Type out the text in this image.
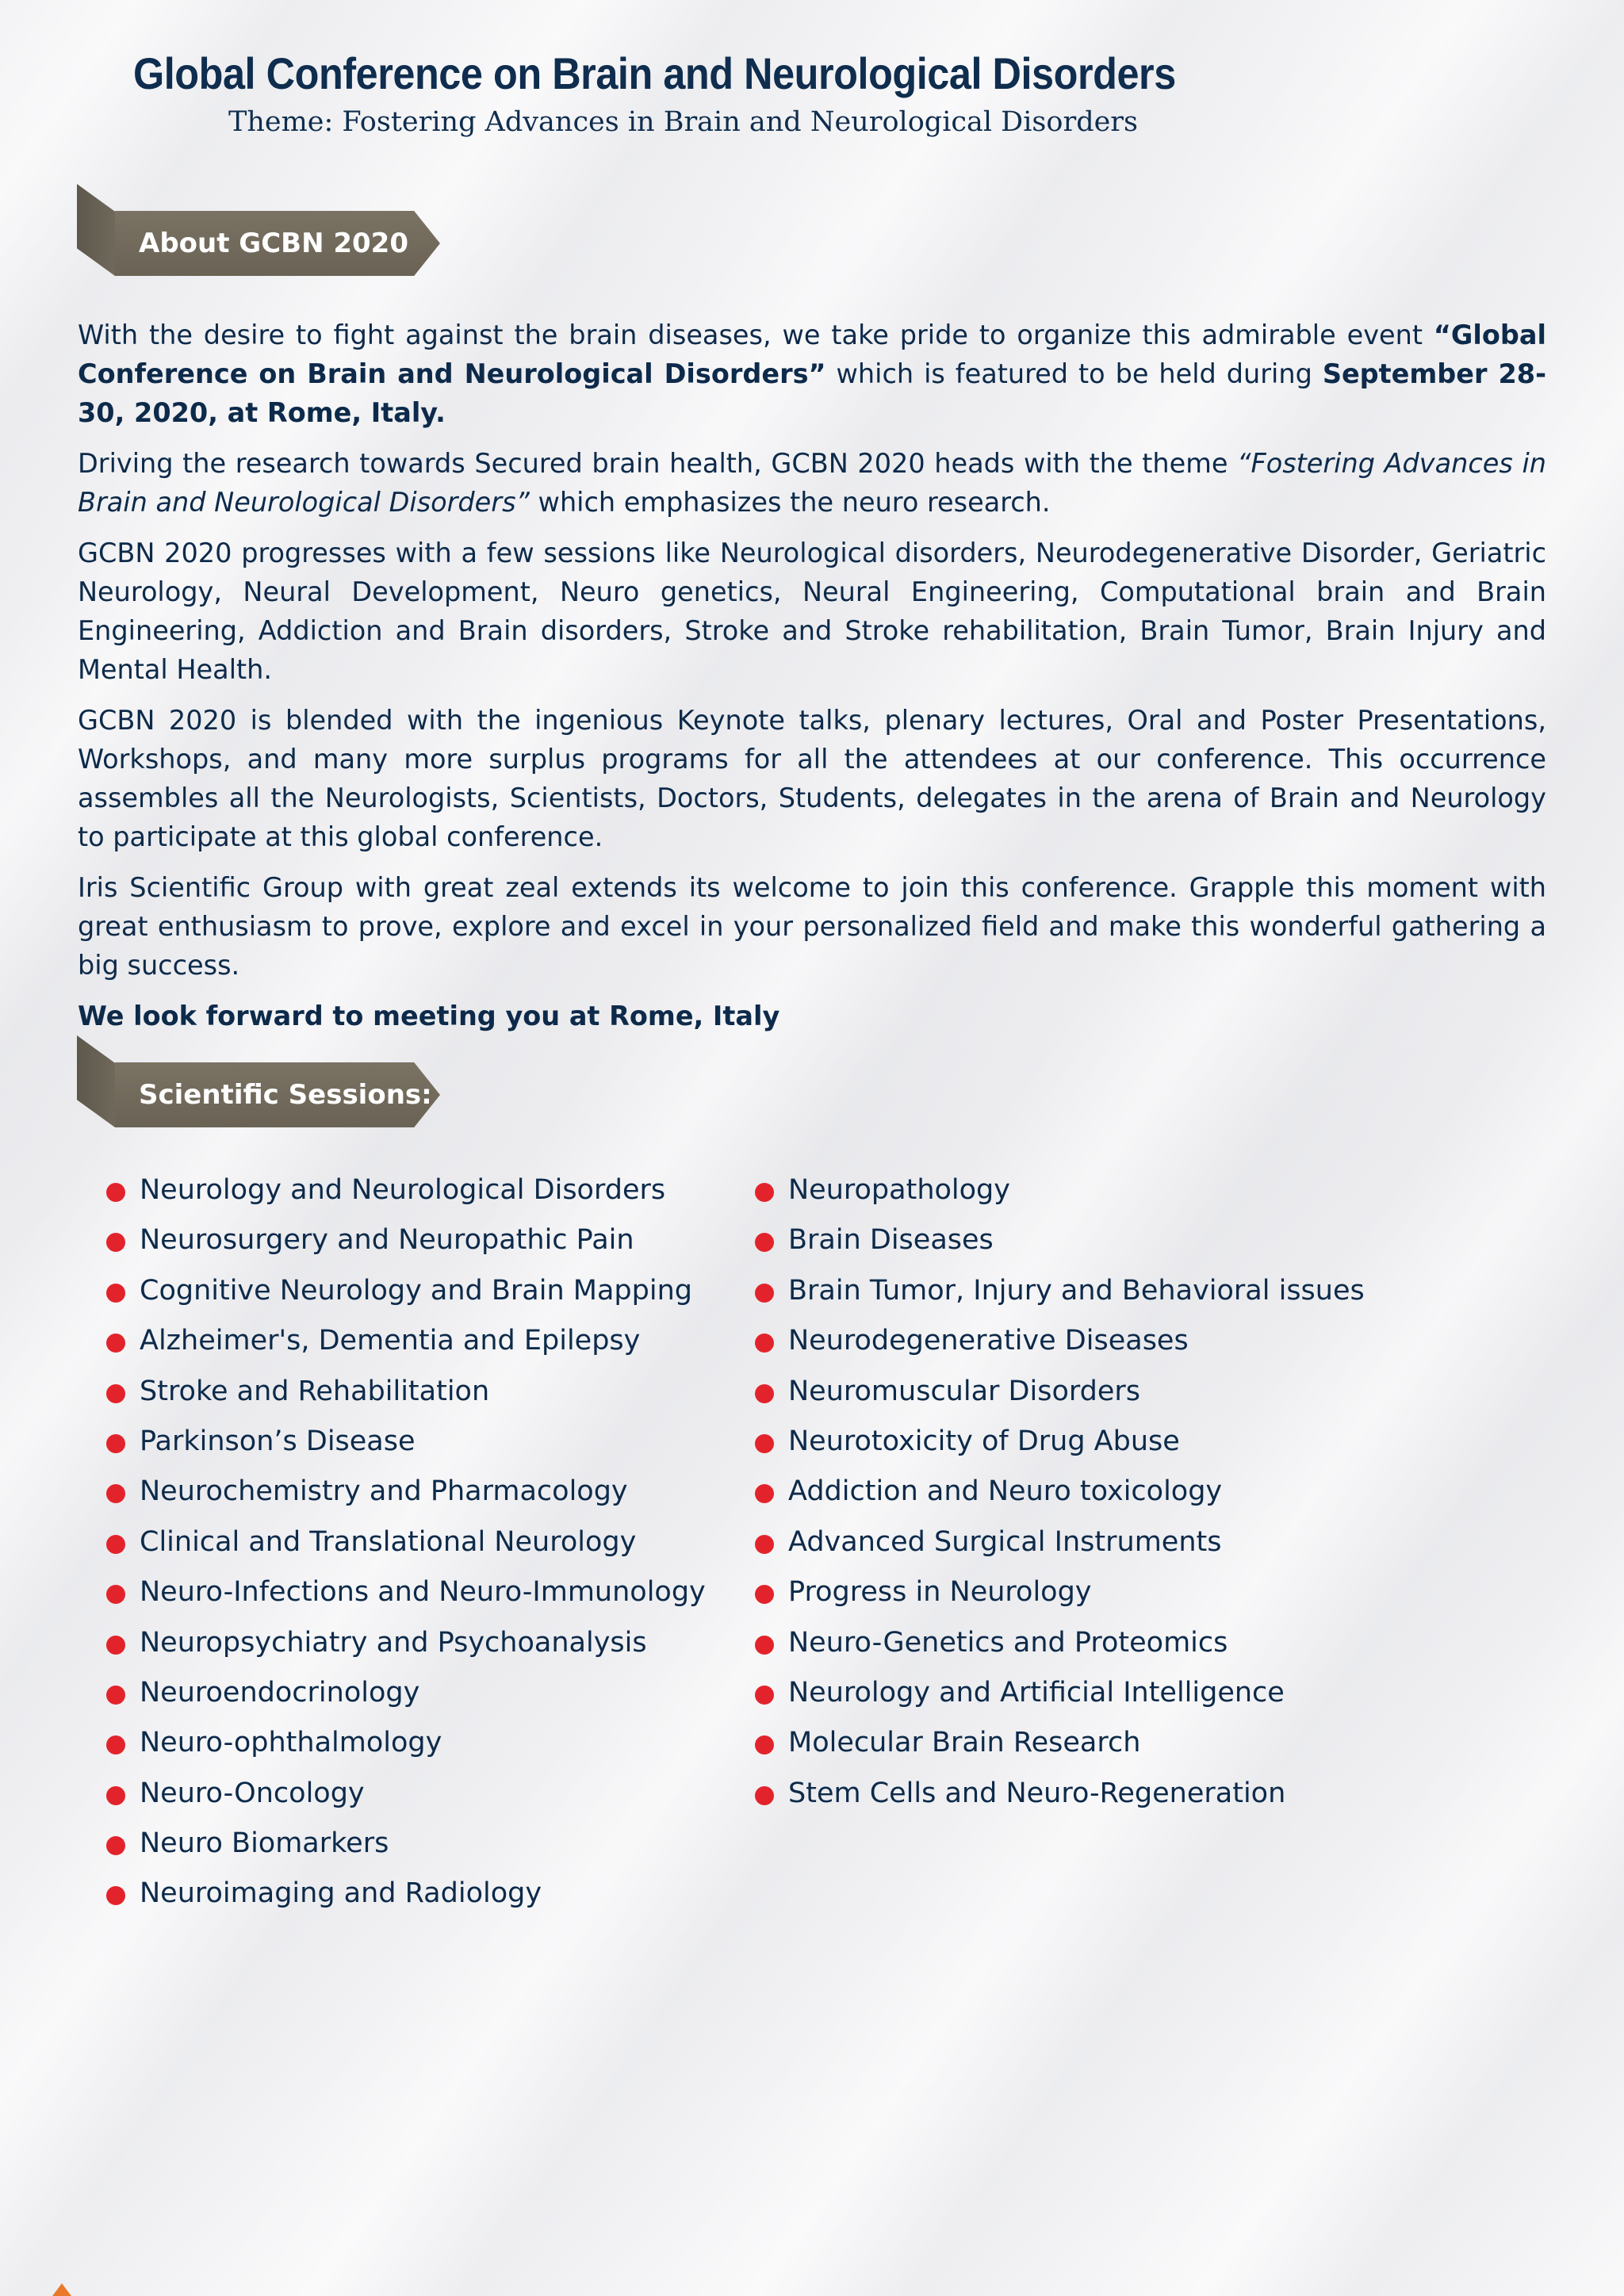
Global Conference on Brain and Neurological Disorders

Theme: Fostering Advances in Brain and Neurological Disorders

About GCBN 2020

With the desire to fight against the brain diseases, we take pride to organize this admirable event “Global Conference on Brain and Neurological Disorders” which is featured to be held during September 28-30, 2020, at Rome, Italy.

Driving the research towards Secured brain health, GCBN 2020 heads with the theme “Fostering Advances in Brain and Neurological Disorders” which emphasizes the neuro research.

GCBN 2020 progresses with a few sessions like Neurological disorders, Neurodegenerative Disorder, Geriatric Neurology, Neural Development, Neuro genetics, Neural Engineering, Computational brain and Brain Engineering, Addiction and Brain disorders, Stroke and Stroke rehabilitation, Brain Tumor, Brain Injury and Mental Health.

GCBN 2020 is blended with the ingenious Keynote talks, plenary lectures, Oral and Poster Presentations, Workshops, and many more surplus programs for all the attendees at our conference. This occurrence assembles all the Neurologists, Scientists, Doctors, Students, delegates in the arena of Brain and Neurology to participate at this global conference.

Iris Scientific Group with great zeal extends its welcome to join this conference. Grapple this moment with great enthusiasm to prove, explore and excel in your personalized field and make this wonderful gathering a big success.

We look forward to meeting you at Rome, Italy

Scientific Sessions:
Neurology and Neurological Disorders
Neurosurgery and Neuropathic Pain
Cognitive Neurology and Brain Mapping
Alzheimer's, Dementia and Epilepsy
Stroke and Rehabilitation
Parkinson’s Disease
Neurochemistry and Pharmacology
Clinical and Translational Neurology
Neuro-Infections and Neuro-Immunology
Neuropsychiatry and Psychoanalysis
Neuroendocrinology
Neuro-ophthalmology
Neuro-Oncology
Neuro Biomarkers
Neuroimaging and Radiology
Neuropathology
Brain Diseases
Brain Tumor, Injury and Behavioral issues
Neurodegenerative Diseases
Neuromuscular Disorders
Neurotoxicity of Drug Abuse
Addiction and Neuro toxicology
Advanced Surgical Instruments
Progress in Neurology
Neuro-Genetics and Proteomics
Neurology and Artificial Intelligence
Molecular Brain Research
Stem Cells and Neuro-Regeneration
